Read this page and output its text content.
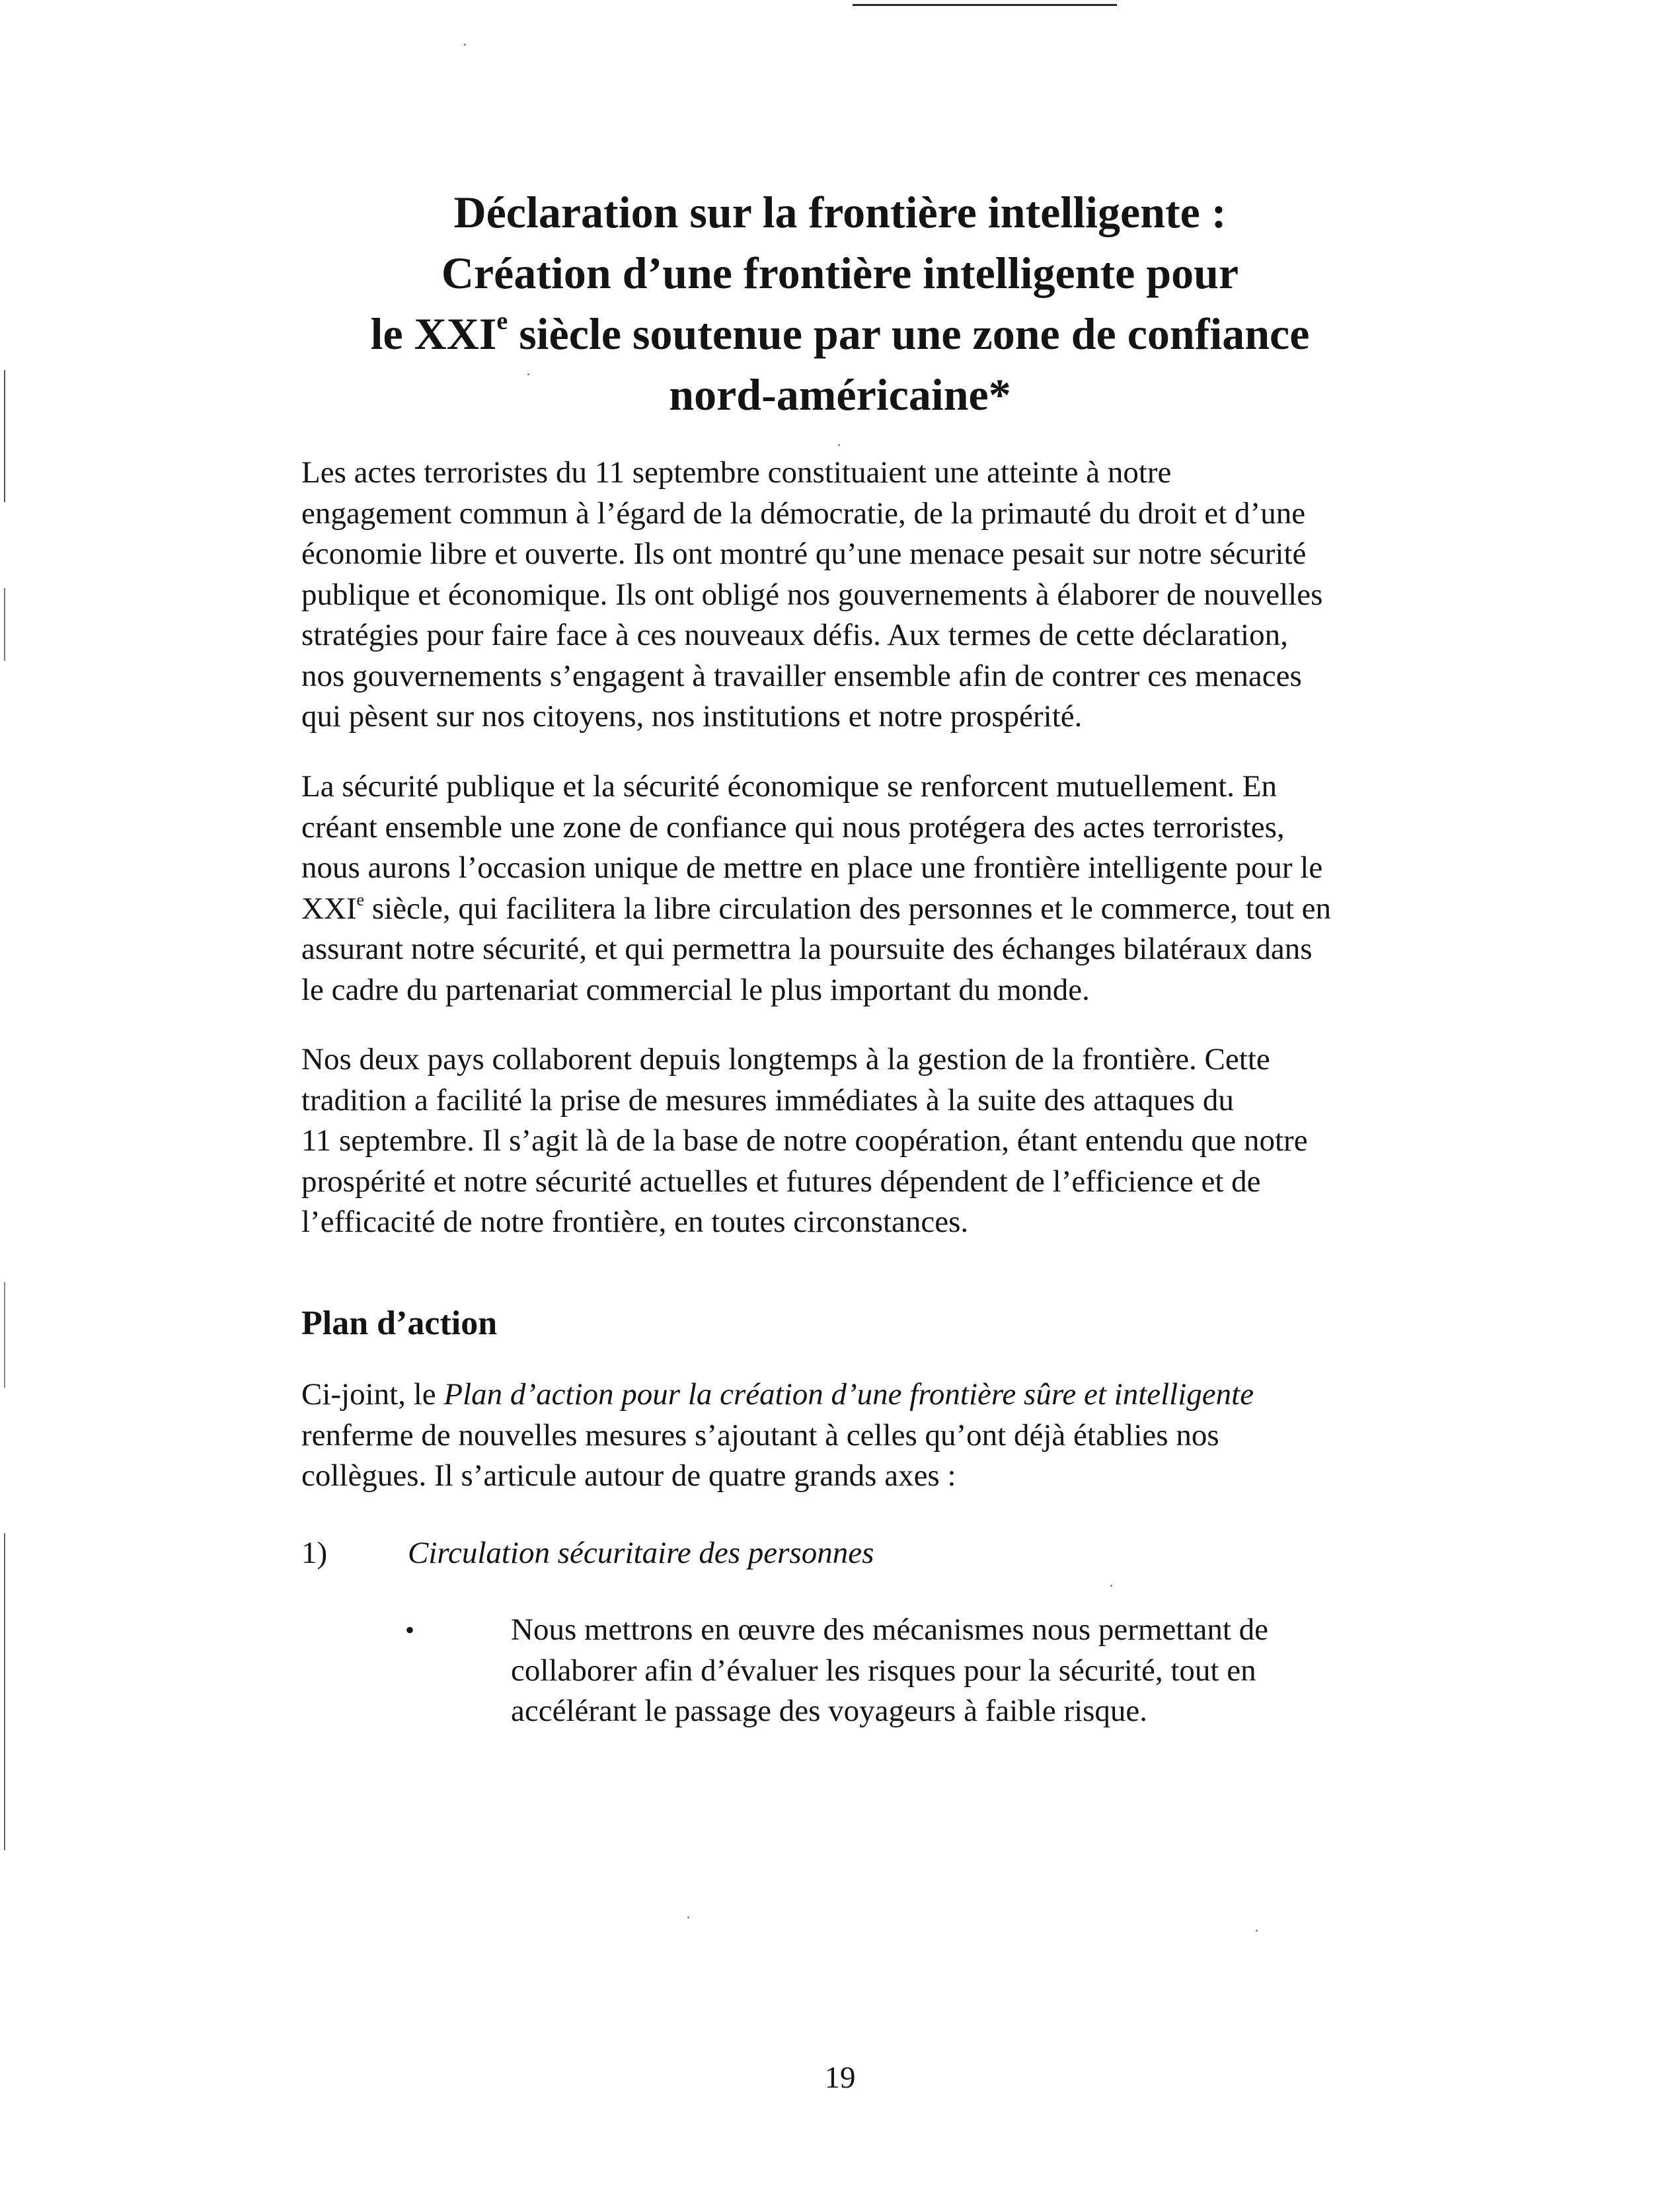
Déclaration sur la frontière intelligente :
Création d’une frontière intelligente pour
le XXIe siècle soutenue par une zone de confiance
nord-américaine*

Les actes terroristes du 11 septembre constituaient une atteinte à notre
engagement commun à l’égard de la démocratie, de la primauté du droit et d’une
économie libre et ouverte. Ils ont montré qu’une menace pesait sur notre sécurité
publique et économique. Ils ont obligé nos gouvernements à élaborer de nouvelles
stratégies pour faire face à ces nouveaux défis. Aux termes de cette déclaration,
nos gouvernements s’engagent à travailler ensemble afin de contrer ces menaces
qui pèsent sur nos citoyens, nos institutions et notre prospérité.

La sécurité publique et la sécurité économique se renforcent mutuellement. En
créant ensemble une zone de confiance qui nous protégera des actes terroristes,
nous aurons l’occasion unique de mettre en place une frontière intelligente pour le
XXIe siècle, qui facilitera la libre circulation des personnes et le commerce, tout en
assurant notre sécurité, et qui permettra la poursuite des échanges bilatéraux dans
le cadre du partenariat commercial le plus important du monde.

Nos deux pays collaborent depuis longtemps à la gestion de la frontière. Cette
tradition a facilité la prise de mesures immédiates à la suite des attaques du
11 septembre. Il s’agit là de la base de notre coopération, étant entendu que notre
prospérité et notre sécurité actuelles et futures dépendent de l’efficience et de
l’efficacité de notre frontière, en toutes circonstances.

Plan d’action

Ci-joint, le Plan d’action pour la création d’une frontière sûre et intelligente
renferme de nouvelles mesures s’ajoutant à celles qu’ont déjà établies nos
collègues. Il s’articule autour de quatre grands axes :

1)	Circulation sécuritaire des personnes
•	Nous mettrons en œuvre des mécanismes nous permettant de
collaborer afin d’évaluer les risques pour la sécurité, tout en
accélérant le passage des voyageurs à faible risque.
19
